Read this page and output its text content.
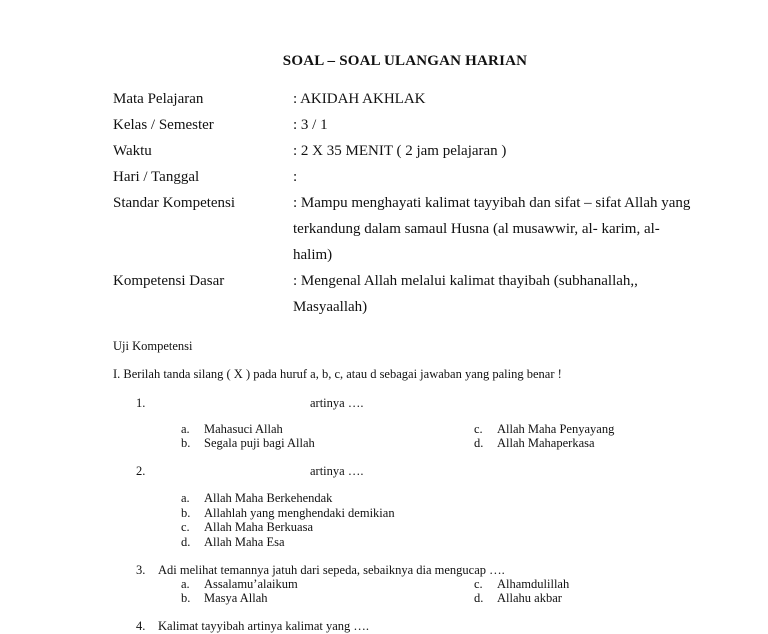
SOAL – SOAL ULANGAN HARIAN
Mata Pelajaran	: AKIDAH AKHLAK
Kelas / Semester	: 3 / 1
Waktu	: 2 X 35 MENIT ( 2 jam pelajaran )
Hari / Tanggal	:
Standar Kompetensi	: Mampu menghayati kalimat tayyibah dan sifat – sifat Allah yang terkandung dalam samaul Husna (al musawwir, al- karim, al- halim)
Kompetensi Dasar	: Mengenal Allah melalui kalimat thayibah (subhanallah,, Masyaallah)
Uji Kompetensi
I. Berilah tanda silang ( X ) pada huruf a, b, c, atau d sebagai jawaban yang paling benar !
1.	artinya ….
a.	Mahasuci Allah
b.	Segala puji bagi Allah
c.	Allah Maha Penyayang
d.	Allah Mahaperkasa
2.	artinya ….
a.	Allah Maha Berkehendak
b.	Allahlah yang menghendaki demikian
c.	Allah Maha Berkuasa
d.	Allah Maha Esa
3. Adi melihat temannya jatuh dari sepeda, sebaiknya dia mengucap ….
a.	Assalamu’alaikum
b.	Masya Allah
c.	Alhamdulillah
d.	Allahu akbar
4. Kalimat tayyibah artinya kalimat yang ….
